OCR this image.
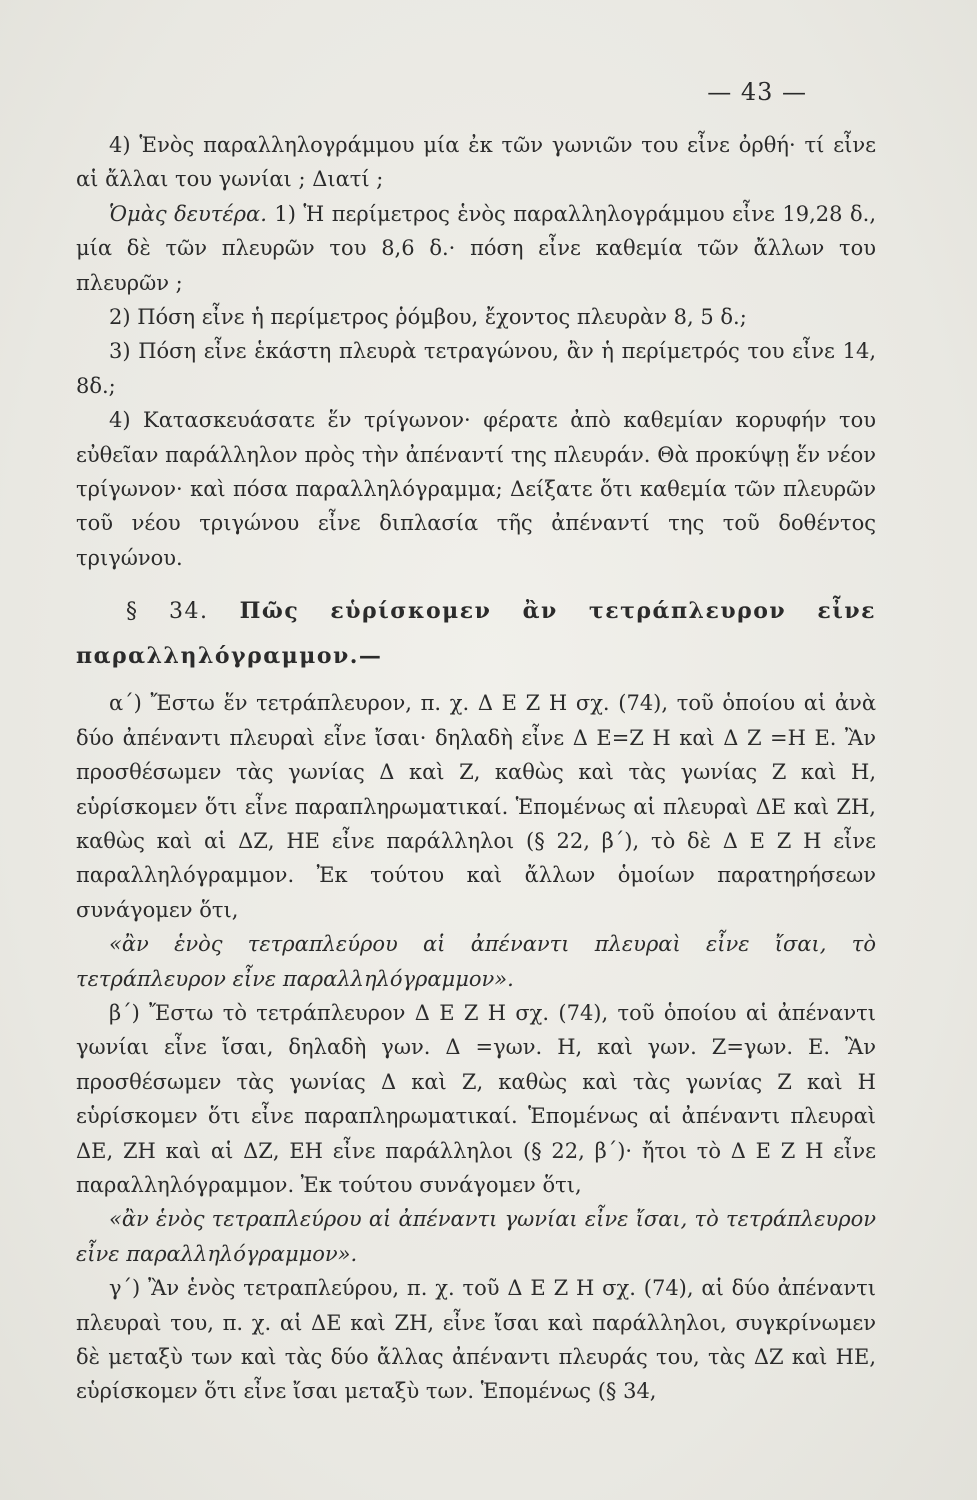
— 43 —

4) Ἑνὸς παραλληλογράμμου μία ἐκ τῶν γωνιῶν του εἶνε ὀρθή· τί εἶνε αἱ ἄλλαι του γωνίαι ; Διατί ;

Ὁμὰς δευτέρα. 1) Ἡ περίμετρος ἑνὸς παραλληλογράμμου εἶνε 19,28 δ., μία δὲ τῶν πλευρῶν του 8,6 δ.· πόση εἶνε καθεμία τῶν ἄλλων του πλευρῶν ;

2) Πόση εἶνε ἡ περίμετρος ῥόμβου, ἔχοντος πλευρὰν 8, 5 δ.;

3) Πόση εἶνε ἑκάστη πλευρὰ τετραγώνου, ἂν ἡ περίμετρός του εἶνε 14, 8δ.;

4) Κατασκευάσατε ἕν τρίγωνον· φέρατε ἀπὸ καθεμίαν κορυφήν του εὐθεῖαν παράλληλον πρὸς τὴν ἀπέναντί της πλευράν. Θὰ προκύψῃ ἕν νέον τρίγωνον· καὶ πόσα παραλληλόγραμμα; Δείξατε ὅτι καθεμία τῶν πλευρῶν τοῦ νέου τριγώνου εἶνε διπλασία τῆς ἀπέναντί της τοῦ δοθέντος τριγώνου.

§ 34. Πῶς εὑρίσκομεν ἂν τετράπλευρον εἶνε παραλληλόγραμμον.—

α΄) Ἔστω ἕν τετράπλευρον, π. χ. Δ Ε Ζ Η σχ. (74), τοῦ ὁποίου αἱ ἀνὰ δύο ἀπέναντι πλευραὶ εἶνε ἴσαι· δηλαδὴ εἶνε Δ Ε=Ζ Η καὶ Δ Ζ =Η Ε. Ἂν προσθέσωμεν τὰς γωνίας Δ καὶ Ζ, καθὼς καὶ τὰς γωνίας Ζ καὶ Η, εὑρίσκομεν ὅτι εἶνε παραπληρωματικαί. Ἑπομένως αἱ πλευραὶ ΔΕ καὶ ΖΗ, καθὼς καὶ αἱ ΔΖ, ΗΕ εἶνε παράλληλοι (§ 22, β΄), τὸ δὲ Δ Ε Ζ Η εἶνε παραλληλόγραμμον. Ἐκ τούτου καὶ ἄλλων ὁμοίων παρατηρήσεων συνάγομεν ὅτι,

«ἂν ἑνὸς τετραπλεύρου αἱ ἀπέναντι πλευραὶ εἶνε ἴσαι, τὸ τετράπλευρον εἶνε παραλληλόγραμμον».

β΄) Ἔστω τὸ τετράπλευρον Δ Ε Ζ Η σχ. (74), τοῦ ὁποίου αἱ ἀπέναντι γωνίαι εἶνε ἴσαι, δηλαδὴ γων. Δ =γων. Η, καὶ γων. Ζ=γων. Ε. Ἂν προσθέσωμεν τὰς γωνίας Δ καὶ Ζ, καθὼς καὶ τὰς γωνίας Ζ καὶ Η εὑρίσκομεν ὅτι εἶνε παραπληρωματικαί. Ἑπομένως αἱ ἀπέναντι πλευραὶ ΔΕ, ΖΗ καὶ αἱ ΔΖ, ΕΗ εἶνε παράλληλοι (§ 22, β΄)· ἤτοι τὸ Δ Ε Ζ Η εἶνε παραλληλόγραμμον. Ἐκ τούτου συνάγομεν ὅτι,

«ἂν ἑνὸς τετραπλεύρου αἱ ἀπέναντι γωνίαι εἶνε ἴσαι, τὸ τετράπλευρον εἶνε παραλληλόγραμμον».

γ΄) Ἂν ἑνὸς τετραπλεύρου, π. χ. τοῦ Δ Ε Ζ Η σχ. (74), αἱ δύο ἀπέναντι πλευραὶ του, π. χ. αἱ ΔΕ καὶ ΖΗ, εἶνε ἴσαι καὶ παράλληλοι, συγκρίνωμεν δὲ μεταξὺ των καὶ τὰς δύο ἄλλας ἀπέναντι πλευράς του, τὰς ΔΖ καὶ ΗΕ, εὑρίσκομεν ὅτι εἶνε ἴσαι μεταξὺ των. Ἑπομένως (§ 34,
